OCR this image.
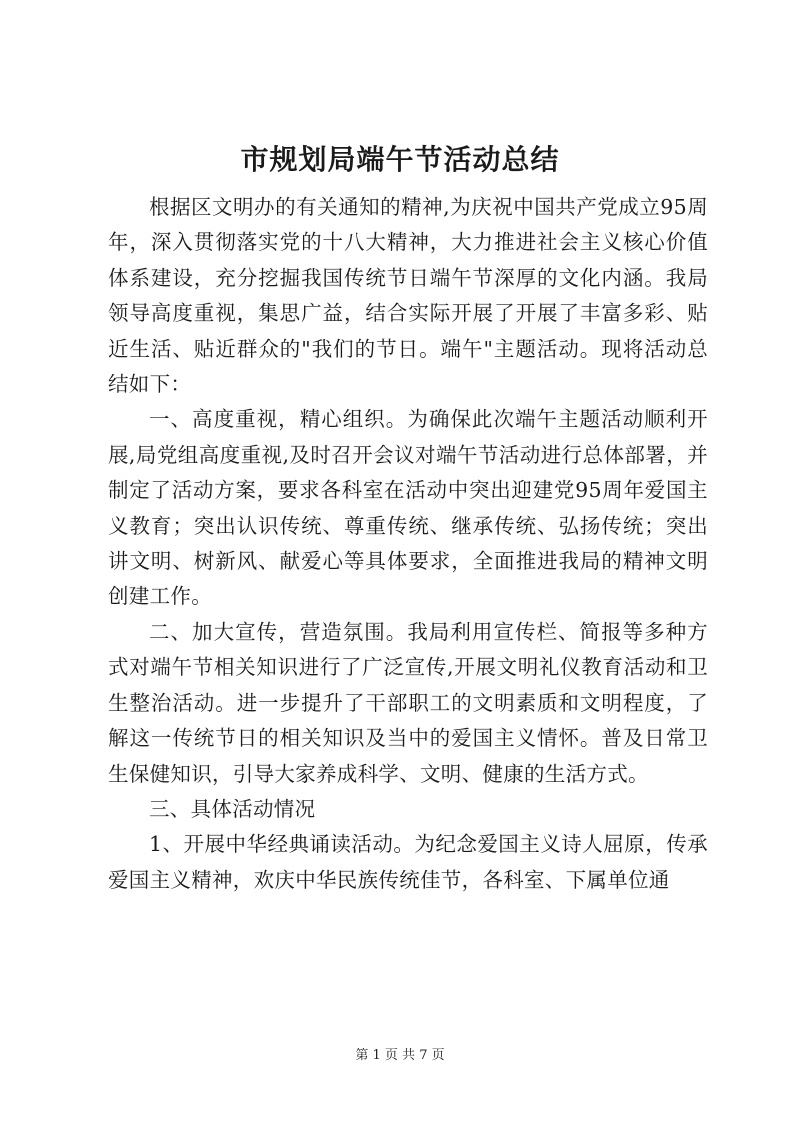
市规划局端午节活动总结

根据区文明办的有关通知的精神,为庆祝中国共产党成立95周年，深入贯彻落实党的十八大精神，大力推进社会主义核心价值体系建设，充分挖掘我国传统节日端午节深厚的文化内涵。我局领导高度重视，集思广益，结合实际开展了开展了丰富多彩、贴近生活、贴近群众的"我们的节日。端午"主题活动。现将活动总结如下：

一、高度重视，精心组织。为确保此次端午主题活动顺利开展,局党组高度重视,及时召开会议对端午节活动进行总体部署，并制定了活动方案，要求各科室在活动中突出迎建党95周年爱国主义教育；突出认识传统、尊重传统、继承传统、弘扬传统；突出讲文明、树新风、献爱心等具体要求，全面推进我局的精神文明创建工作。

二、加大宣传，营造氛围。我局利用宣传栏、简报等多种方式对端午节相关知识进行了广泛宣传,开展文明礼仪教育活动和卫生整治活动。进一步提升了干部职工的文明素质和文明程度，了解这一传统节日的相关知识及当中的爱国主义情怀。普及日常卫生保健知识，引导大家养成科学、文明、健康的生活方式。

三、具体活动情况

1、开展中华经典诵读活动。为纪念爱国主义诗人屈原，传承爱国主义精神，欢庆中华民族传统佳节，各科室、下属单位通

第 1 页 共 7 页
